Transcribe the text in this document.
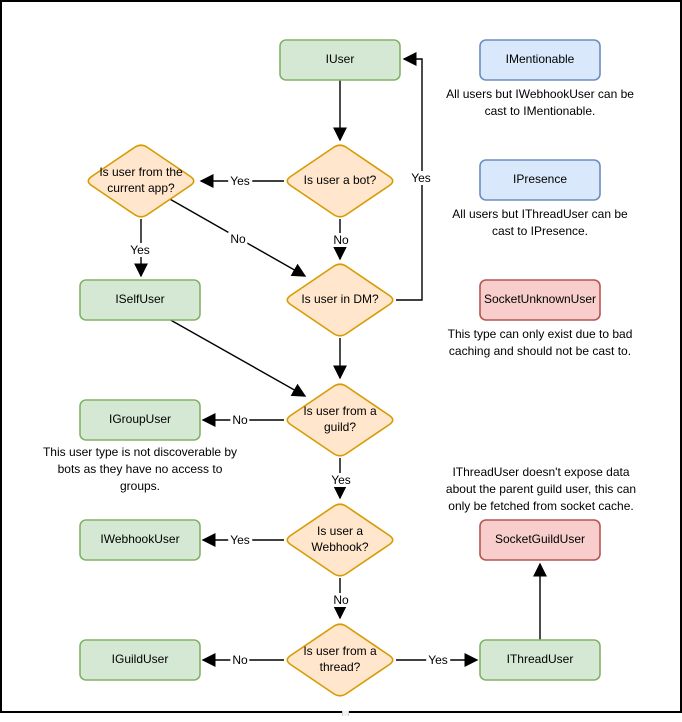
IUser	IMentionable
IPresence
SocketUnknownUser
ISelfUser
IGroupUser
IWebhookUser
IGuildUser
SocketGuildUser
IThreadUser
Is user from the current app?
Is user a bot?
Is user in DM?
Is user from a guild?
Is user a Webhook?
Is user from a thread?
Yes
No
Yes
No
Yes
No
Yes
Yes
No
No	Yes
All users but IWebhookUser can be
cast to IMentionable.
All users but IThreadUser can be
cast to IPresence.
This type can only exist due to bad
caching and should not be cast to.
This user type is not discoverable by
bots as they have no access to
groups.
IThreadUser doesn't expose data
about the parent guild user, this can
only be fetched from socket cache.
